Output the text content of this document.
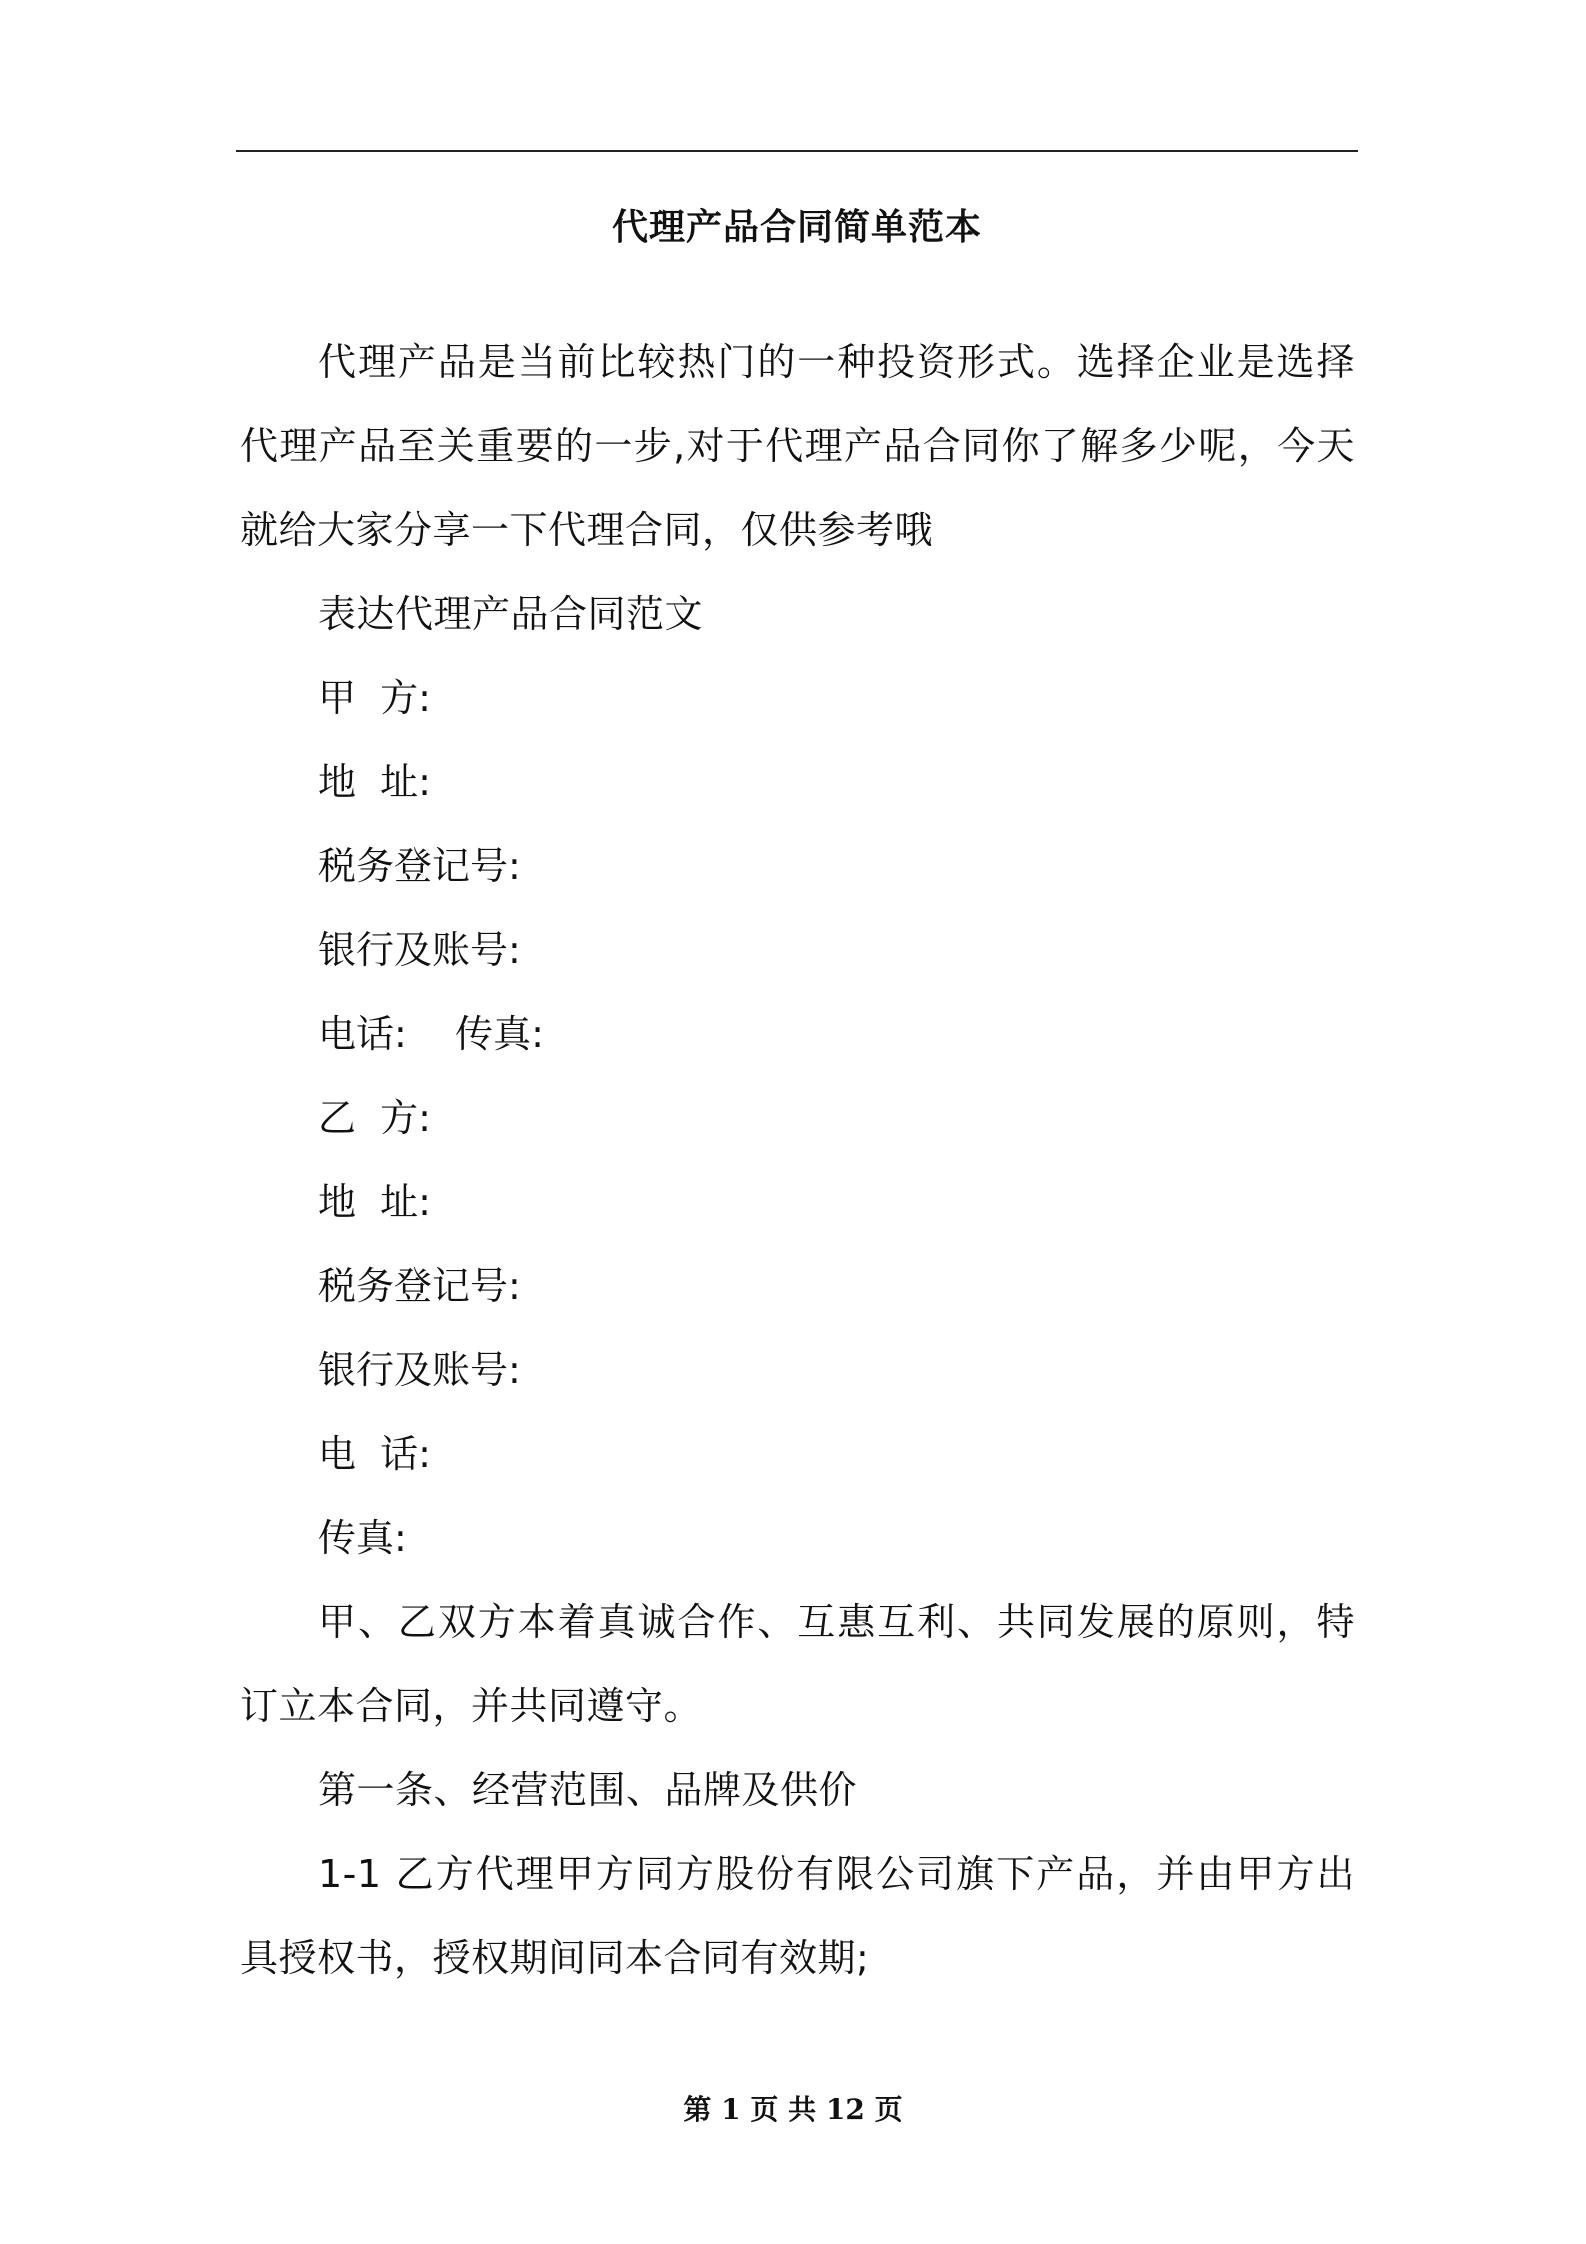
代理产品合同简单范本

代理产品是当前比较热门的一种投资形式。选择企业是选择代理产品至关重要的一步,对于代理产品合同你了解多少呢，今天就给大家分享一下代理合同，仅供参考哦

表达代理产品合同范文

甲  方:

地  址:

税务登记号:

银行及账号:

电话:    传真:

乙  方:

地  址:

税务登记号:

银行及账号:

电  话:

传真:

甲、乙双方本着真诚合作、互惠互利、共同发展的原则，特订立本合同，并共同遵守。

第一条、经营范围、品牌及供价

1-1 乙方代理甲方同方股份有限公司旗下产品，并由甲方出具授权书，授权期间同本合同有效期;

第 1 页 共 12 页
